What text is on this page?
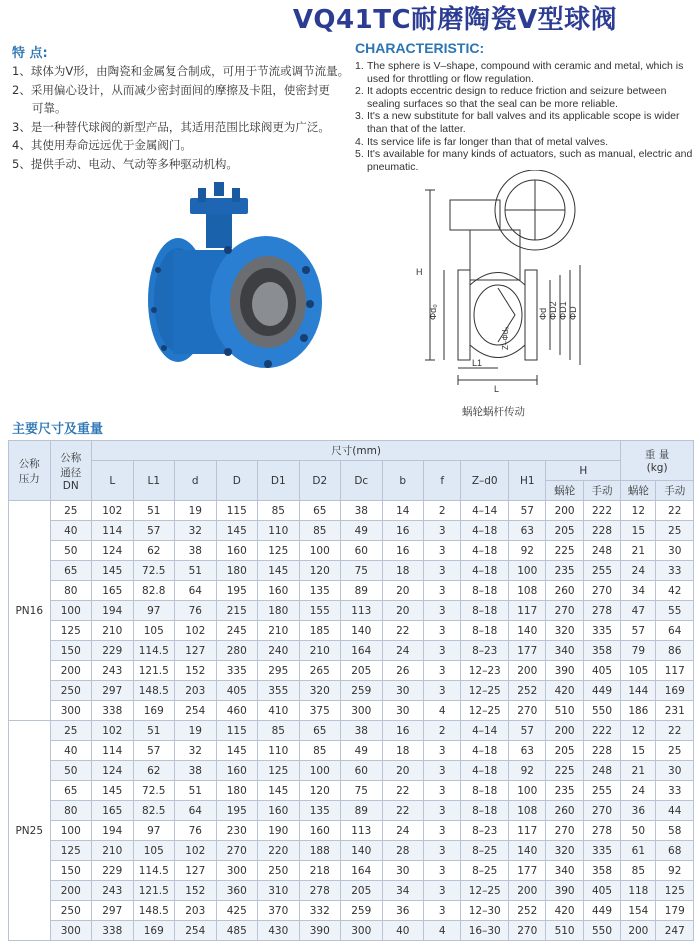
VQ41TC耐磨陶瓷V型球阀
特 点:
1、球体为V形，由陶瓷和金属复合制成，可用于节流或调节流量。
2、采用偏心设计，从而减少密封面间的摩擦及卡阻，使密封更
可靠。
3、是一种替代球阀的新型产品，其适用范围比球阀更为广泛。
4、其使用寿命远远优于金属阀门。
5、提供手动、电动、气动等多种驱动机构。
CHARACTERISTIC:
1. The sphere is V–shape, compound with ceramic and metal, which is used for throttling or flow regulation.
2. It adopts eccentric design to reduce friction and seizure between sealing surfaces so that the seal can be more reliable.
3. It's a new substitute for ball valves and its applicable scope is wider than that of the latter.
4. Its service life is far longer than that of metal valves.
5. It's available for many kinds of actuators, such as manual, electric and pneumatic.
H
Φd₀	Φd ΦD2 ΦD1 ΦD
L1
L
Z–Φd₀
蜗轮蜗杆传动
主要尺寸及重量
公称
压力	公称
通径
DN	尺寸(mm)													重 量
(kg)	
		L	L1	d	D	D1	D2	Dc	b	f	Z–d0	H1	H			
													蜗轮	手动	蜗轮	手动
PN16	25	102	51	19	115	85	65	38	14	2	4–14	57	200	222	12	22
	40	114	57	32	145	110	85	49	16	3	4–18	63	205	228	15	25
	50	124	62	38	160	125	100	60	16	3	4–18	92	225	248	21	30
	65	145	72.5	51	180	145	120	75	18	3	4–18	100	235	255	24	33
	80	165	82.8	64	195	160	135	89	20	3	8–18	108	260	270	34	42
	100	194	97	76	215	180	155	113	20	3	8–18	117	270	278	47	55
	125	210	105	102	245	210	185	140	22	3	8–18	140	320	335	57	64
	150	229	114.5	127	280	240	210	164	24	3	8–23	177	340	358	79	86
	200	243	121.5	152	335	295	265	205	26	3	12–23	200	390	405	105	117
	250	297	148.5	203	405	355	320	259	30	3	12–25	252	420	449	144	169
	300	338	169	254	460	410	375	300	30	4	12–25	270	510	550	186	231
PN25	25	102	51	19	115	85	65	38	16	2	4–14	57	200	222	12	22
	40	114	57	32	145	110	85	49	18	3	4–18	63	205	228	15	25
	50	124	62	38	160	125	100	60	20	3	4–18	92	225	248	21	30
	65	145	72.5	51	180	145	120	75	22	3	8–18	100	235	255	24	33
	80	165	82.5	64	195	160	135	89	22	3	8–18	108	260	270	36	44
	100	194	97	76	230	190	160	113	24	3	8–23	117	270	278	50	58
	125	210	105	102	270	220	188	140	28	3	8–25	140	320	335	61	68
	150	229	114.5	127	300	250	218	164	30	3	8–25	177	340	358	85	92
	200	243	121.5	152	360	310	278	205	34	3	12–25	200	390	405	118	125
	250	297	148.5	203	425	370	332	259	36	3	12–30	252	420	449	154	179
	300	338	169	254	485	430	390	300	40	4	16–30	270	510	550	200	247
